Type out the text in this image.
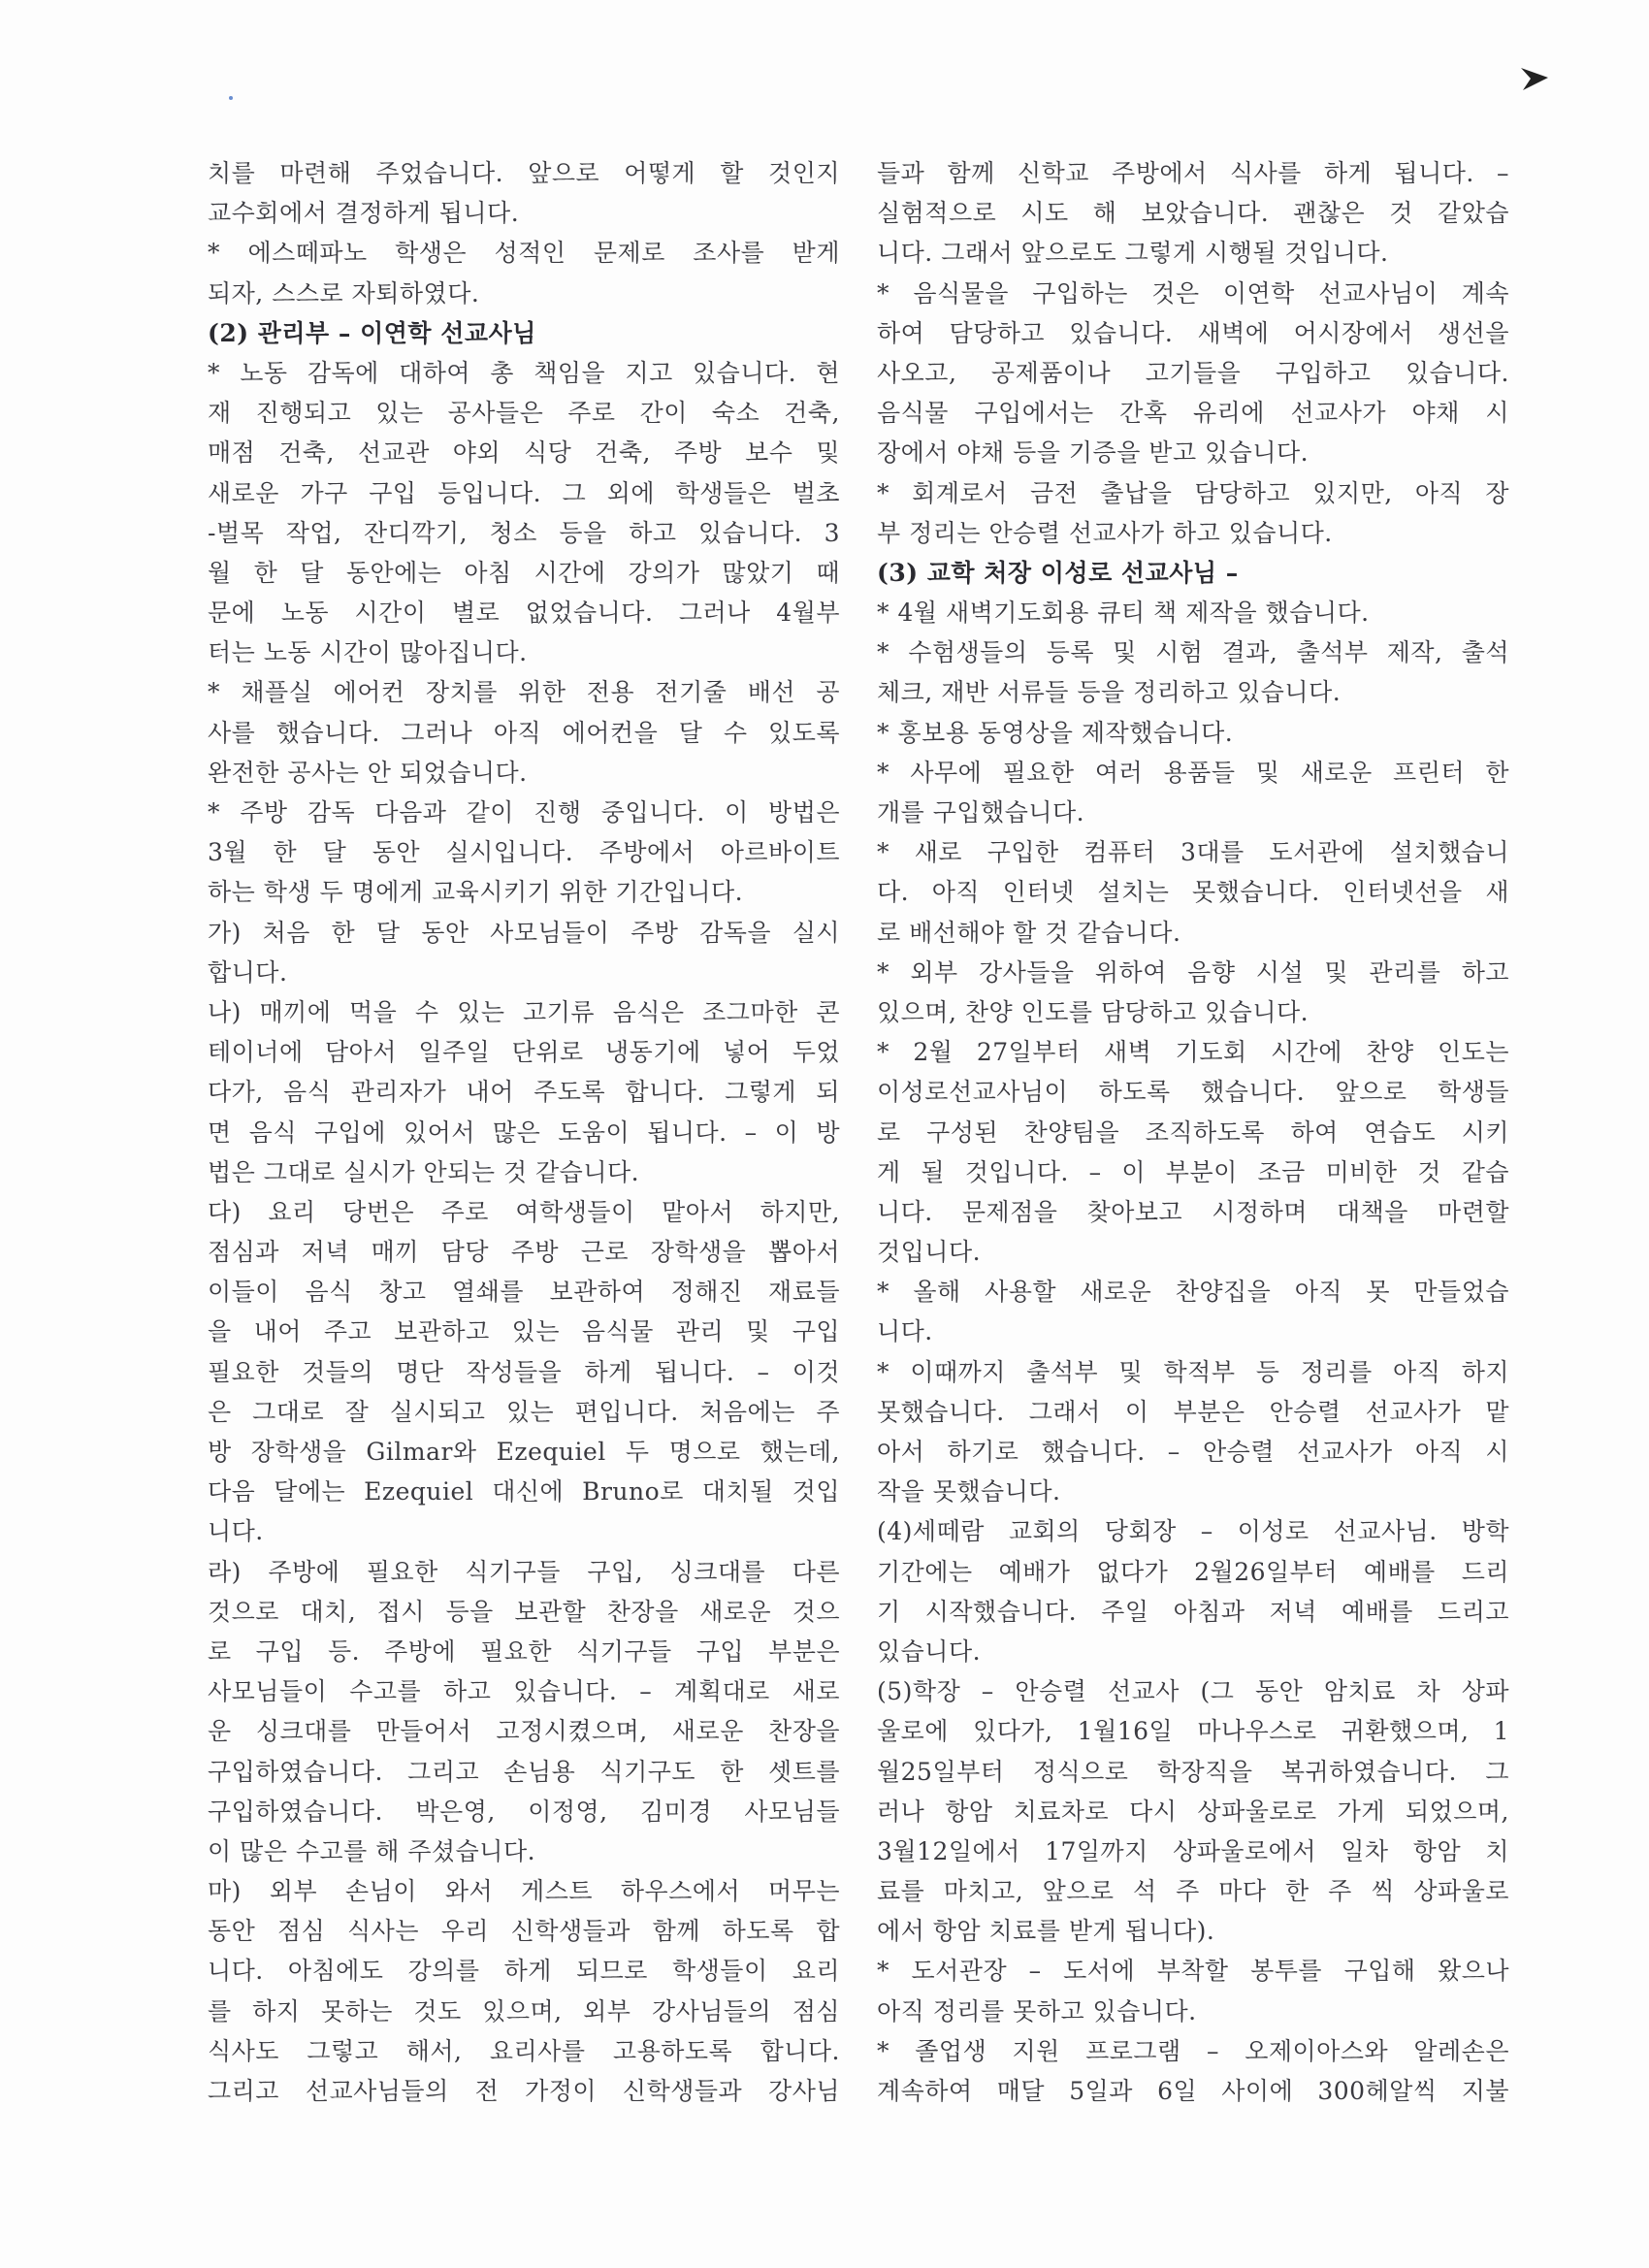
치를 마련해 주었습니다. 앞으로 어떻게 할 것인지
교수회에서 결정하게 됩니다.
* 에스떼파노 학생은 성적인 문제로 조사를 받게
되자, 스스로 자퇴하였다.
(2) 관리부 – 이연학 선교사님
* 노동 감독에 대하여 총 책임을 지고 있습니다. 현
재 진행되고 있는 공사들은 주로 간이 숙소 건축,
매점 건축, 선교관 야외 식당 건축, 주방 보수 및
새로운 가구 구입 등입니다. 그 외에 학생들은 벌초
-벌목 작업, 잔디깍기, 청소 등을 하고 있습니다. 3
월 한 달 동안에는 아침 시간에 강의가 많았기 때
문에 노동 시간이 별로 없었습니다. 그러나 4월부
터는 노동 시간이 많아집니다.
* 채플실 에어컨 장치를 위한 전용 전기줄 배선 공
사를 했습니다. 그러나 아직 에어컨을 달 수 있도록
완전한 공사는 안 되었습니다.
* 주방 감독 다음과 같이 진행 중입니다. 이 방법은
3월 한 달 동안 실시입니다. 주방에서 아르바이트
하는 학생 두 명에게 교육시키기 위한 기간입니다.
가) 처음 한 달 동안 사모님들이 주방 감독을 실시
합니다.
나) 매끼에 먹을 수 있는 고기류 음식은 조그마한 콘
테이너에 담아서 일주일 단위로 냉동기에 넣어 두었
다가, 음식 관리자가 내어 주도록 합니다. 그렇게 되
면 음식 구입에 있어서 많은 도움이 됩니다. – 이 방
법은 그대로 실시가 안되는 것 같습니다.
다) 요리 당번은 주로 여학생들이 맡아서 하지만,
점심과 저녁 매끼 담당 주방 근로 장학생을 뽑아서
이들이 음식 창고 열쇄를 보관하여 정해진 재료들
을 내어 주고 보관하고 있는 음식물 관리 및 구입
필요한 것들의 명단 작성들을 하게 됩니다. – 이것
은 그대로 잘 실시되고 있는 편입니다. 처음에는 주
방 장학생을 Gilmar와 Ezequiel 두 명으로 했는데,
다음 달에는 Ezequiel 대신에 Bruno로 대치될 것입
니다.
라) 주방에 필요한 식기구들 구입, 싱크대를 다른
것으로 대치, 접시 등을 보관할 찬장을 새로운 것으
로 구입 등. 주방에 필요한 식기구들 구입 부분은
사모님들이 수고를 하고 있습니다. – 계획대로 새로
운 싱크대를 만들어서 고정시켰으며, 새로운 찬장을
구입하였습니다. 그리고 손님용 식기구도 한 셋트를
구입하였습니다. 박은영, 이정영, 김미경 사모님들
이 많은 수고를 해 주셨습니다.
마) 외부 손님이 와서 게스트 하우스에서 머무는
동안 점심 식사는 우리 신학생들과 함께 하도록 합
니다. 아침에도 강의를 하게 되므로 학생들이 요리
를 하지 못하는 것도 있으며, 외부 강사님들의 점심
식사도 그렇고 해서, 요리사를 고용하도록 합니다.
그리고 선교사님들의 전 가정이 신학생들과 강사님
들과 함께 신학교 주방에서 식사를 하게 됩니다. –
실험적으로 시도 해 보았습니다. 괜찮은 것 같았습
니다. 그래서 앞으로도 그렇게 시행될 것입니다.
* 음식물을 구입하는 것은 이연학 선교사님이 계속
하여 담당하고 있습니다. 새벽에 어시장에서 생선을
사오고, 공제품이나 고기들을 구입하고 있습니다.
음식물 구입에서는 간혹 유리에 선교사가 야채 시
장에서 야채 등을 기증을 받고 있습니다.
* 회계로서 금전 출납을 담당하고 있지만, 아직 장
부 정리는 안승렬 선교사가 하고 있습니다.
(3) 교학 처장 이성로 선교사님 –
* 4월 새벽기도회용 큐티 책 제작을 했습니다.
* 수험생들의 등록 및 시험 결과, 출석부 제작, 출석
체크, 재반 서류들 등을 정리하고 있습니다.
* 홍보용 동영상을 제작했습니다.
* 사무에 필요한 여러 용품들 및 새로운 프린터 한
개를 구입했습니다.
* 새로 구입한 컴퓨터 3대를 도서관에 설치했습니
다. 아직 인터넷 설치는 못했습니다. 인터넷선을 새
로 배선해야 할 것 같습니다.
* 외부 강사들을 위하여 음향 시설 및 관리를 하고
있으며, 찬양 인도를 담당하고 있습니다.
* 2월 27일부터 새벽 기도회 시간에 찬양 인도는
이성로선교사님이 하도록 했습니다. 앞으로 학생들
로 구성된 찬양팀을 조직하도록 하여 연습도 시키
게 될 것입니다. – 이 부분이 조금 미비한 것 같습
니다. 문제점을 찾아보고 시정하며 대책을 마련할
것입니다.
* 올해 사용할 새로운 찬양집을 아직 못 만들었습
니다.
* 이때까지 출석부 및 학적부 등 정리를 아직 하지
못했습니다. 그래서 이 부분은 안승렬 선교사가 맡
아서 하기로 했습니다. – 안승렬 선교사가 아직 시
작을 못했습니다.
(4)세떼람 교회의 당회장 – 이성로 선교사님. 방학
기간에는 예배가 없다가 2월26일부터 예배를 드리
기 시작했습니다. 주일 아침과 저녁 예배를 드리고
있습니다.
(5)학장 – 안승렬 선교사 (그 동안 암치료 차 상파
울로에 있다가, 1월16일 마나우스로 귀환했으며, 1
월25일부터 정식으로 학장직을 복귀하였습니다. 그
러나 항암 치료차로 다시 상파울로로 가게 되었으며,
3월12일에서 17일까지 상파울로에서 일차 항암 치
료를 마치고, 앞으로 석 주 마다 한 주 씩 상파울로
에서 항암 치료를 받게 됩니다).
* 도서관장 – 도서에 부착할 봉투를 구입해 왔으나
아직 정리를 못하고 있습니다.
* 졸업생 지원 프로그램 – 오제이아스와 알레손은
계속하여 매달 5일과 6일 사이에 300헤알씩 지불
